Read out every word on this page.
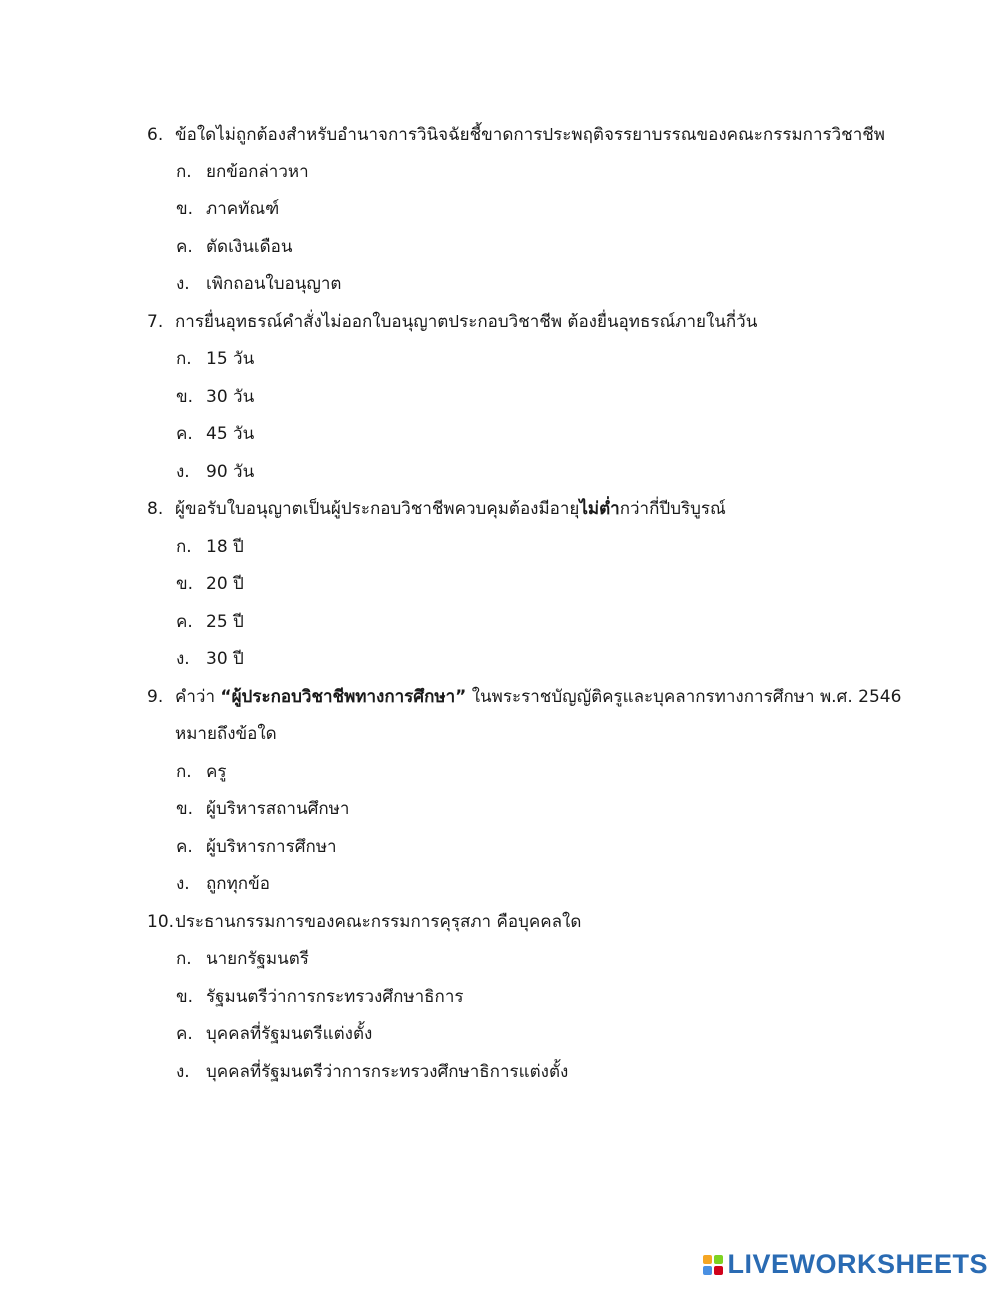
6. ข้อใดไม่ถูกต้องสำหรับอำนาจการวินิจฉัยชี้ขาดการประพฤติจรรยาบรรณของคณะกรรมการวิชาชีพ
ก. ยกข้อกล่าวหา
ข. ภาคทัณฑ์
ค. ตัดเงินเดือน
ง. เพิกถอนใบอนุญาต
7. การยื่นอุทธรณ์คำสั่งไม่ออกใบอนุญาตประกอบวิชาชีพ ต้องยื่นอุทธรณ์ภายในกี่วัน
ก. 15 วัน
ข. 30 วัน
ค. 45 วัน
ง. 90 วัน
8. ผู้ขอรับใบอนุญาตเป็นผู้ประกอบวิชาชีพควบคุมต้องมีอายุไม่ต่ำกว่ากี่ปีบริบูรณ์
ก. 18 ปี
ข. 20 ปี
ค. 25 ปี
ง. 30 ปี
9. คำว่า “ผู้ประกอบวิชาชีพทางการศึกษา” ในพระราชบัญญัติครูและบุคลากรทางการศึกษา พ.ศ. 2546
หมายถึงข้อใด
ก. ครู
ข. ผู้บริหารสถานศึกษา
ค. ผู้บริหารการศึกษา
ง. ถูกทุกข้อ
10.ประธานกรรมการของคณะกรรมการคุรุสภา คือบุคคลใด
ก. นายกรัฐมนตรี
ข. รัฐมนตรีว่าการกระทรวงศึกษาธิการ
ค. บุคคลที่รัฐมนตรีแต่งตั้ง
ง. บุคคลที่รัฐมนตรีว่าการกระทรวงศึกษาธิการแต่งตั้ง
LIVEWORKSHEETS
